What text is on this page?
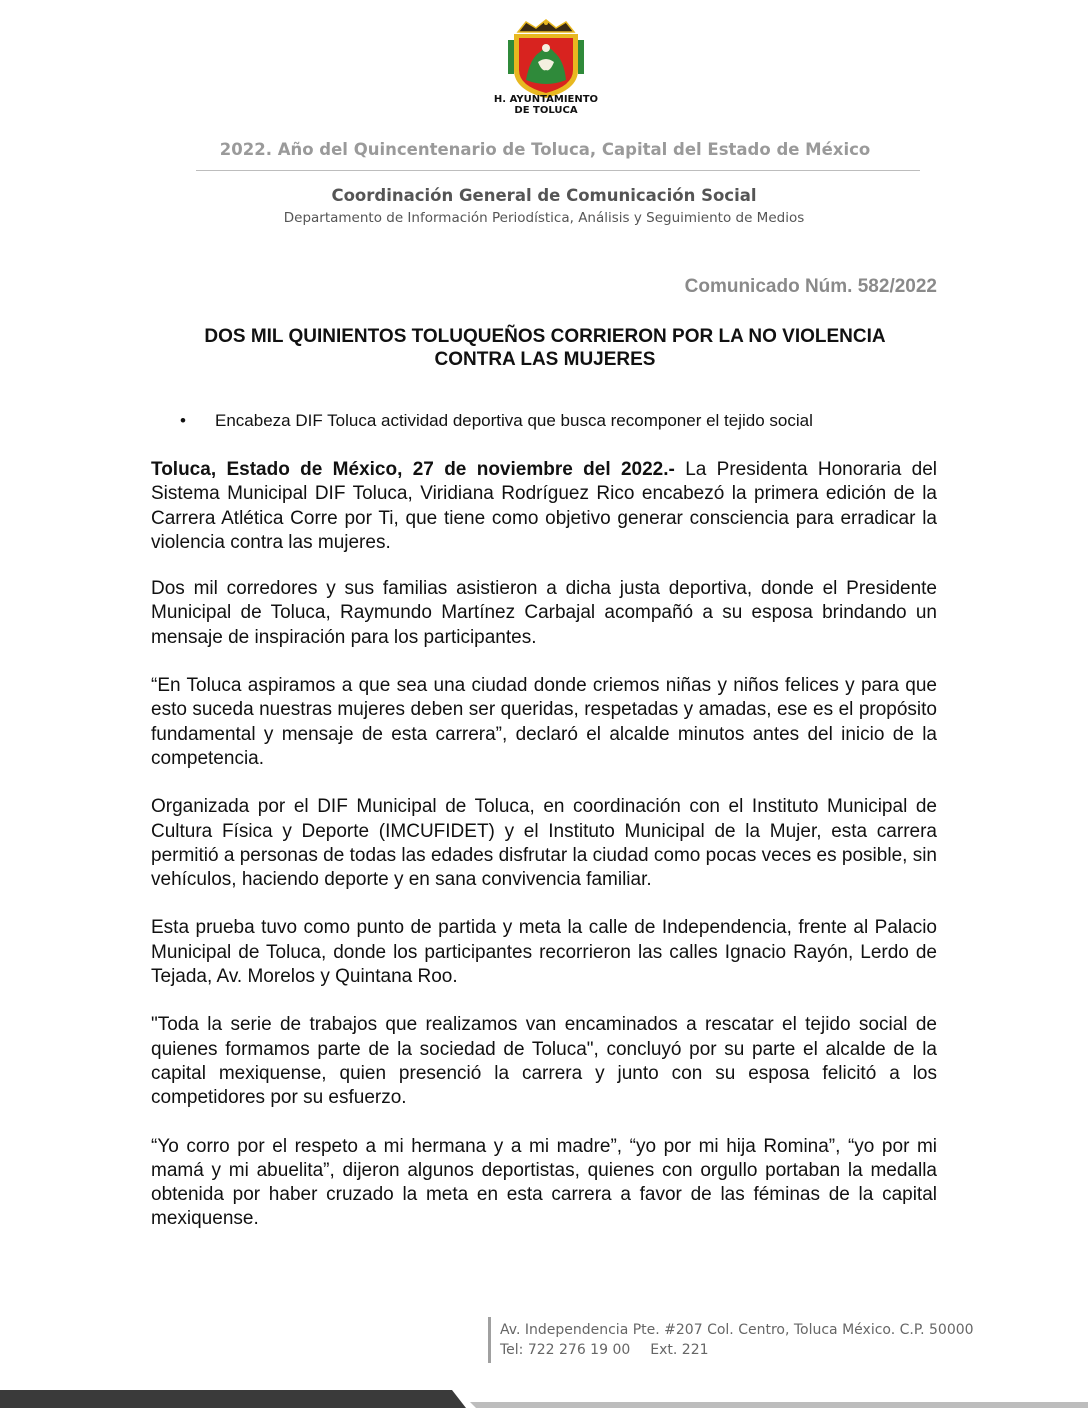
H. AYUNTAMIENTO
DE TOLUCA
2022. Año del Quincentenario de Toluca, Capital del Estado de México
Coordinación General de Comunicación Social
Departamento de Información Periodística, Análisis y Seguimiento de Medios
Comunicado Núm. 582/2022
DOS MIL QUINIENTOS TOLUQUEÑOS CORRIERON POR LA NO VIOLENCIA
CONTRA LAS MUJERES
• Encabeza DIF Toluca actividad deportiva que busca recomponer el tejido social

Toluca, Estado de México, 27 de noviembre del 2022.- La Presidenta Honoraria del Sistema Municipal DIF Toluca, Viridiana Rodríguez Rico encabezó la primera edición de la Carrera Atlética Corre por Ti, que tiene como objetivo generar consciencia para erradicar la violencia contra las mujeres.

Dos mil corredores y sus familias asistieron a dicha justa deportiva, donde el Presidente Municipal de Toluca, Raymundo Martínez Carbajal acompañó a su esposa brindando un mensaje de inspiración para los participantes.

“En Toluca aspiramos a que sea una ciudad donde criemos niñas y niños felices y para que esto suceda nuestras mujeres deben ser queridas, respetadas y amadas, ese es el propósito fundamental y mensaje de esta carrera”, declaró el alcalde minutos antes del inicio de la competencia.

Organizada por el DIF Municipal de Toluca, en coordinación con el Instituto Municipal de Cultura Física y Deporte (IMCUFIDET) y el Instituto Municipal de la Mujer, esta carrera permitió a personas de todas las edades disfrutar la ciudad como pocas veces es posible, sin vehículos, haciendo deporte y en sana convivencia familiar.

Esta prueba tuvo como punto de partida y meta la calle de Independencia, frente al Palacio Municipal de Toluca, donde los participantes recorrieron las calles Ignacio Rayón, Lerdo de Tejada, Av. Morelos y Quintana Roo.

"Toda la serie de trabajos que realizamos van encaminados a rescatar el tejido social de quienes formamos parte de la sociedad de Toluca", concluyó por su parte el alcalde de la capital mexiquense, quien presenció la carrera y junto con su esposa felicitó a los competidores por su esfuerzo.

“Yo corro por el respeto a mi hermana y a mi madre”, “yo por mi hija Romina”, “yo por mi mamá y mi abuelita”, dijeron algunos deportistas, quienes con orgullo portaban la medalla obtenida por haber cruzado la meta en esta carrera a favor de las féminas de la capital mexiquense.

Av. Independencia Pte. #207 Col. Centro, Toluca México. C.P. 50000
Tel: 722 276 19 00 Ext. 221
